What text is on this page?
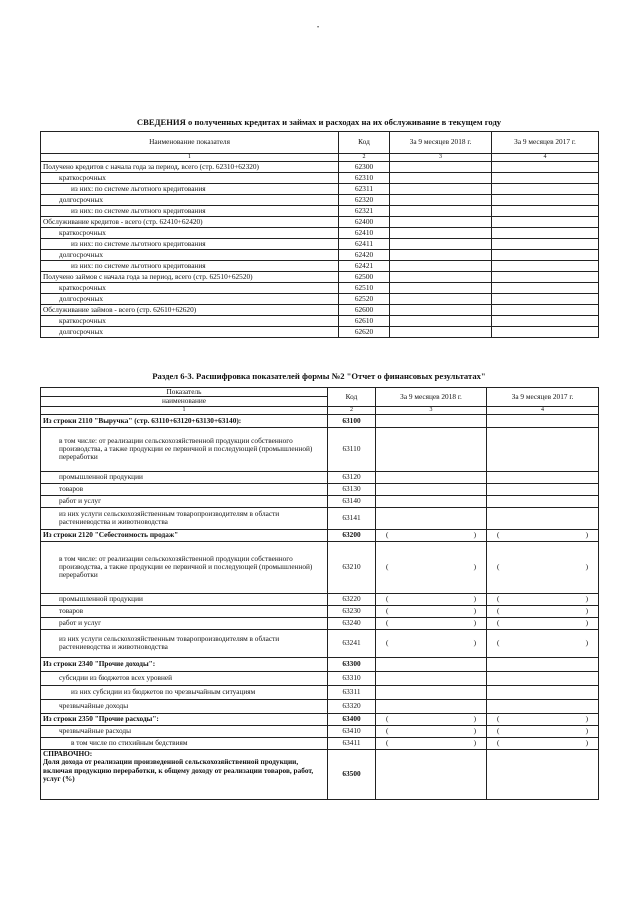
•
СВЕДЕНИЯ о полученных кредитах и займах и расходах на их обслуживание в текущем году
Наименование показателя	Код	За 9 месяцев 2018 г.	За 9 месяцев 2017 г.
1	2	3	4
Получено кредитов с начала года за период, всего (стр. 62310+62320)	62300		
краткосрочных	62310		
из них: по системе льготного кредитования	62311		
долгосрочных	62320		
из них: по системе льготного кредитования	62321		
Обслуживание кредитов - всего (стр. 62410+62420)	62400		
краткосрочных	62410		
из них: по системе льготного кредитования	62411		
долгосрочных	62420		
из них: по системе льготного кредитования	62421		
Получено займов с начала года за период, всего (стр. 62510+62520)	62500		
краткосрочных	62510		
долгосрочных	62520		
Обслуживание займов - всего (стр. 62610+62620)	62600		
краткосрочных	62610		
долгосрочных	62620		
Раздел 6-3. Расшифровка показателей формы №2 "Отчет о финансовых результатах"
Показатель	Код	За 9 месяцев 2018 г.	За 9 месяцев 2017 г.
наименование			
1	2	3	4
Из строки 2110 "Выручка" (стр. 63110+63120+63130+63140):	63100		
в том числе: от реализации сельскохозяйственной продукции собственного производства, а также продукции ее первичной и последующей (промышленной) переработки	63110		
промышленной продукции	63120		
товаров	63130		
работ и услуг	63140		
из них услуги сельскохозяйственным товаропроизводителям в области растениеводства и животноводства	63141		
Из строки 2120 "Себестоимость продаж"	63200	( )	( )

в том числе: от реализации сельскохозяйственной продукции собственного производства, а также продукции ее первичной и последующей (промышленной) переработки	63210	( )	( )

промышленной продукции	63220	( )	( )

товаров	63230	( )	( )

работ и услуг	63240	( )	( )

из них услуги сельскохозяйственным товаропроизводителям в области растениеводства и животноводства	63241	( )	( )

Из строки 2340 "Прочие доходы":	63300		
субсидии из бюджетов всех уровней	63310		
из них субсидии из бюджетов по чрезвычайным ситуациям	63311		
чрезвычайные доходы	63320		
Из строки 2350 "Прочие расходы":	63400	( )	( )

чрезвычайные расходы	63410	( )	( )

в том числе по стихийным бедствиям	63411	( )	( )

СПРАВОЧНО:
Доля дохода от реализации произведенной сельскохозяйственной продукции, включая продукцию переработки, к общему доходу от реализации товаров, работ, услуг (%)	63500		
